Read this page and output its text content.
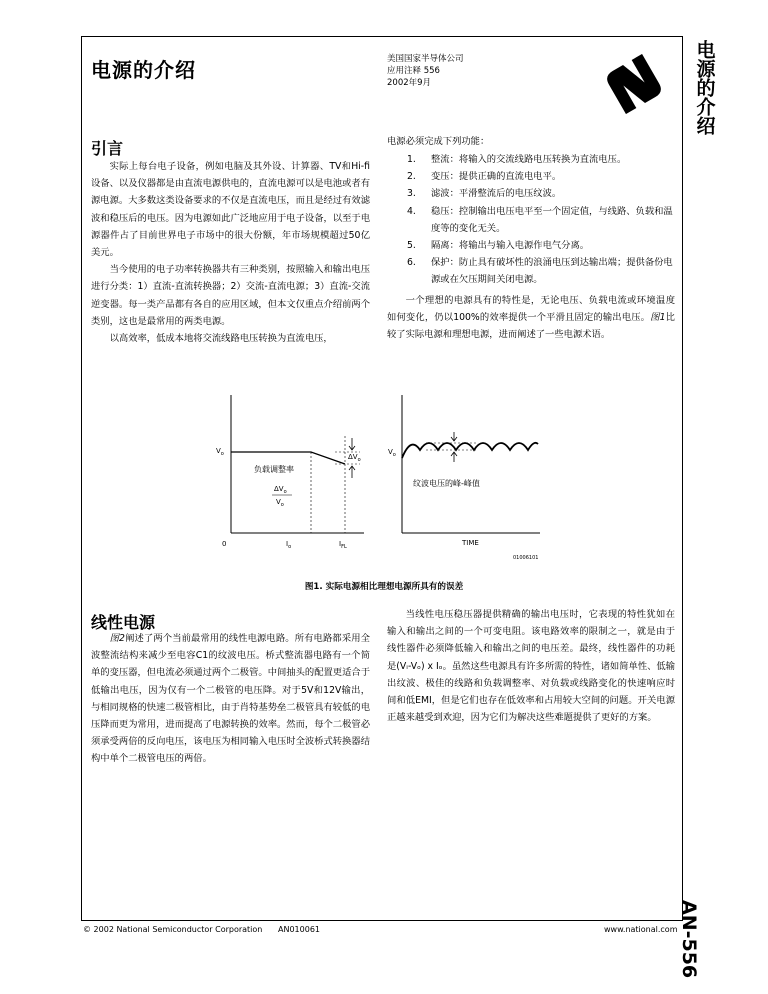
电源的介绍	美国国家半导体公司
应用注释 556
2002年9月	电源的介绍
AN-556
引言

实际上每台电子设备，例如电脑及其外设、计算器、TV和Hi-fi设备、以及仪器都是由直流电源供电的，直流电源可以是电池或者有源电源。大多数这类设备要求的不仅是直流电压，而且是经过有效滤波和稳压后的电压。因为电源如此广泛地应用于电子设备，以至于电源器件占了目前世界电子市场中的很大份额，年市场规模超过50亿美元。

当今使用的电子功率转换器共有三种类别，按照输入和输出电压进行分类：1）直流-直流转换器；2）交流-直流电源；3）直流-交流逆变器。每一类产品都有各自的应用区域，但本文仅重点介绍前两个类别，这也是最常用的两类电源。

以高效率，低成本地将交流线路电压转换为直流电压，

电源必须完成下列功能：

1.	整流：将输入的交流线路电压转换为直流电压。
2.	变压：提供正确的直流电电平。
3.	滤波：平滑整流后的电压纹波。
4.	稳压：控制输出电压电平至一个固定值，与线路、负载和温度等的变化无关。
5.	隔离：将输出与输入电源作电气分离。
6.	保护：防止具有破坏性的浪涌电压到达输出端；提供备份电源或在欠压期间关闭电源。

一个理想的电源具有的特性是，无论电压、负载电流或环境温度如何变化，仍以100%的效率提供一个平滑且固定的输出电压。图1比较了实际电源和理想电源，进而阐述了一些电源术语。

$V_o$	$\Delta V_o$
负载调整率
$\Delta V_o$
$V_o$
0	$I_o$	$I_{FL}$
$V_o$
纹波电压的峰-峰值
TIME
01006101
图1. 实际电源相比理想电源所具有的误差
线性电源

图2阐述了两个当前最常用的线性电源电路。所有电路都采用全波整流结构来减少至电容C1的纹波电压。桥式整流器电路有一个简单的变压器，但电流必须通过两个二极管。中间抽头的配置更适合于低输出电压，因为仅有一个二极管的电压降。对于5V和12V输出，与相同规格的快速二极管相比，由于肖特基势垒二极管具有较低的电压降而更为常用，进而提高了电源转换的效率。然而，每个二极管必须承受两倍的反向电压，该电压为相同输入电压时全波桥式转换器结构中单个二极管电压的两倍。

当线性电压稳压器提供精确的输出电压时，它表现的特性犹如在输入和输出之间的一个可变电阻。该电路效率的限制之一，就是由于线性器件必须降低输入和输出之间的电压差。最终，线性器件的功耗是(Vᵢ-Vₒ) x Iₒ。虽然这些电源具有许多所需的特性，诸如简单性、低输出纹波、极佳的线路和负载调整率、对负载或线路变化的快速响应时间和低EMI，但是它们也存在低效率和占用较大空间的问题。开关电源正越来越受到欢迎，因为它们为解决这些难题提供了更好的方案。

© 2002 National Semiconductor Corporation AN010061	www.national.com
